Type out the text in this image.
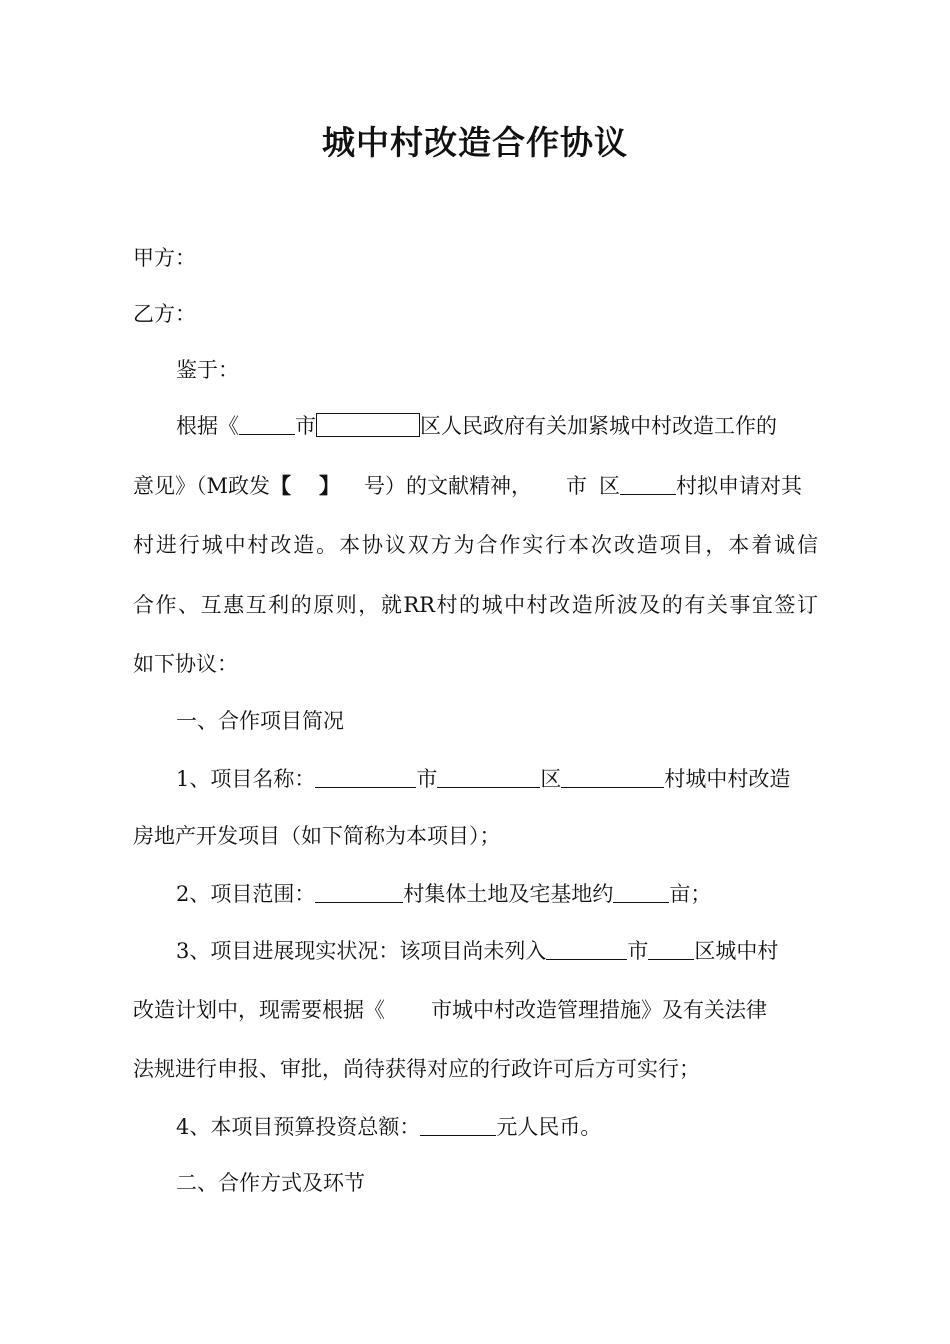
城中村改造合作协议
甲方：
乙方：
鉴于：
根据《	市	区人民政府有关加紧城中村改造工作的
意见》（M政发【 】 号）的文献精神， 市 区	村拟申请对其
村进行城中村改造。本协议双方为合作实行本次改造项目，本着诚信
合作、互惠互利的原则，就RR村的城中村改造所波及的有关事宜签订
如下协议：
一、合作项目简况
1、项目名称：	市	区	村城中村改造
房地产开发项目（如下简称为本项目）；
2、项目范围：	村集体土地及宅基地约	亩；
3、项目进展现实状况：该项目尚未列入	市 区城中村
改造计划中，现需要根据《 市城中村改造管理措施》及有关法律
法规进行申报、审批，尚待获得对应的行政许可后方可实行；
4、本项目预算投资总额：	元人民币。
二、合作方式及环节
